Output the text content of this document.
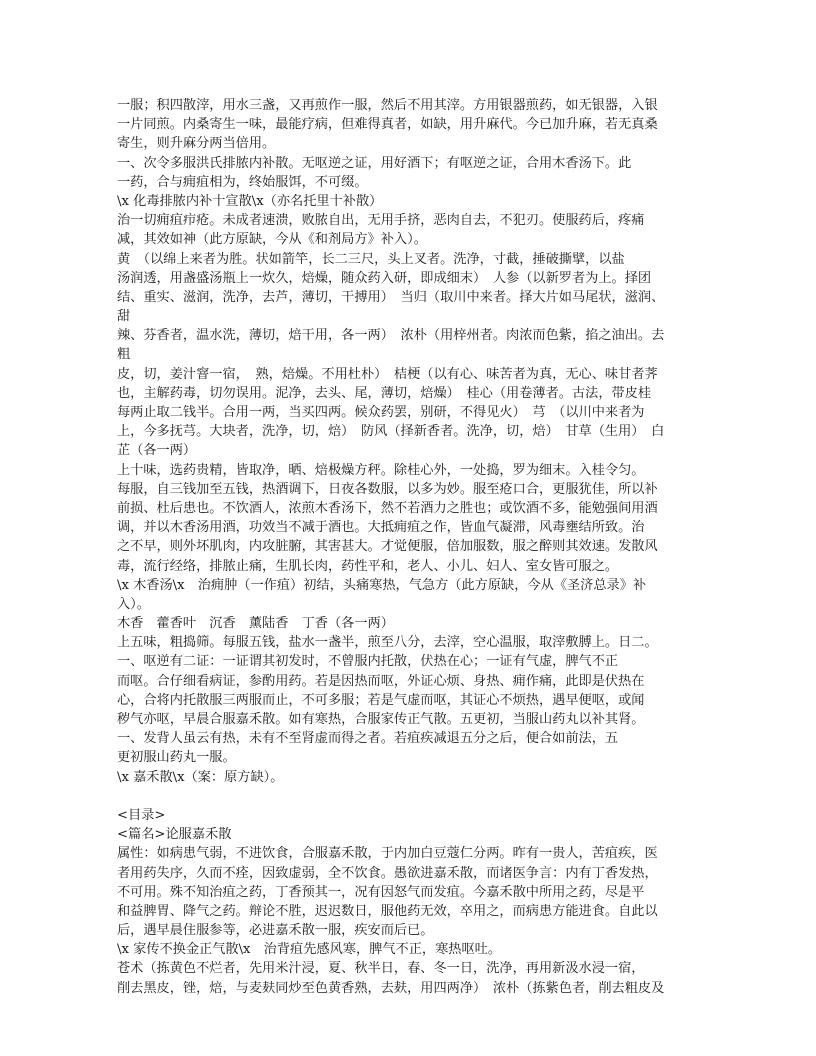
一服；积四散滓，用水三盏，又再煎作一服，然后不用其滓。方用银器煎药，如无银器，入银
一片同煎。内桑寄生一味，最能疗病，但难得真者，如缺，用升麻代。今已加升麻，若无真桑
寄生，则升麻分两当倍用。
一、次令多服洪氏排脓内补散。无呕逆之证，用好酒下；有呕逆之证，合用木香汤下。此
一药，合与痈疽相为，终始服饵，不可缀。
\x 化毒排脓内补十宣散\x（亦名托里十补散）
治一切痈疽疖疮。未成者速溃，败脓自出，无用手挤，恶肉自去，不犯刃。使服药后，疼痛
减，其效如神（此方原缺，今从《和剂局方》补入）。
黄　（以绵上来者为胜。状如箭竿，长二三尺，头上叉者。洗净，寸截，捶破撕擘，以盐
汤润透，用盏盛汤瓶上一炊久，焙燥，随众药入研，即成细末）　人参（以新罗者为上。择团
结、重实、滋润，洗净，去芦，薄切，干搏用）　当归（取川中来者。择大片如马尾状，滋润、
甜
辣、芬香者，温水洗，薄切，焙干用，各一两）　浓朴（用梓州者。肉浓而色紫，掐之油出。去
粗
皮，切，姜汁窨一宿，　熟，焙燥。不用杜朴）　桔梗（以有心、味苦者为真，无心、味甘者荠
也，主解药毒，切勿误用。泥净，去头、尾，薄切，焙燥）　桂心（用卷薄者。古法，带皮桂
每两止取二钱半。合用一两，当买四两。候众药罢，别研，不得见火）　芎　（以川中来者为
上，今多抚芎。大块者，洗净，切，焙）　防风（择新香者。洗净，切，焙）　甘草（生用）　白
芷（各一两）
上十味，选药贵精，皆取净，晒、焙极燥方秤。除桂心外，一处捣，罗为细末。入桂令匀。
每服，自三钱加至五钱，热酒调下，日夜各数服，以多为妙。服至疮口合，更服犹佳，所以补
前损、杜后患也。不饮酒人，浓煎木香汤下，然不若酒力之胜也；或饮酒不多，能勉强间用酒
调，并以木香汤用酒，功效当不减于酒也。大抵痈疽之作，皆血气凝滞，风毒壅结所致。治
之不早，则外坏肌肉，内攻脏腑，其害甚大。才觉便服，倍加服数，服之醉则其效速。发散风
毒，流行经络，排脓止痛，生肌长肉，药性平和，老人、小儿、妇人、室女皆可服之。
\x 木香汤\x　治痈肿（一作疽）初结，头痛寒热，气急方（此方原缺，今从《圣济总录》补
入）。
木香　藿香叶　沉香　薰陆香　丁香（各一两）
上五味，粗捣筛。每服五钱，盐水一盏半，煎至八分，去滓，空心温服，取滓敷膊上。日二。
一、呕逆有二证：一证谓其初发时，不曾服内托散，伏热在心；一证有气虚，脾气不正
而呕。合仔细看病证，参酌用药。若是因热而呕，外证心烦、身热、痈作痛，此即是伏热在
心，合将内托散服三两服而止，不可多服；若是气虚而呕，其证心不烦热，遇早便呕，或闻
秽气亦呕，早晨合服嘉禾散。如有寒热，合服家传正气散。五更初，当服山药丸以补其肾。
一、发背人虽云有热，未有不至肾虚而得之者。若疽疾减退五分之后，便合如前法，五
更初服山药丸一服。
\x 嘉禾散\x（案：原方缺）。
<目录>
<篇名>论服嘉禾散
属性：如病患气弱，不进饮食，合服嘉禾散，于内加白豆蔻仁分两。昨有一贵人，苦疽疾，医
者用药失序，久而不痊，因致虚弱，全不饮食。愚欲进嘉禾散，而诸医争言：内有丁香发热，
不可用。殊不知治疽之药，丁香预其一，况有因怒气而发疽。今嘉禾散中所用之药，尽是平
和益脾胃、降气之药。辩论不胜，迟迟数日，服他药无效，卒用之，而病患方能进食。自此以
后，遇早晨住服参等，必进嘉禾散一服，疾安而后已。
\x 家传不换金正气散\x　治背疽先感风寒，脾气不正，寒热呕吐。
苍术（拣黄色不烂者，先用米汁浸，夏、秋半日，春、冬一日，洗净，再用新汲水浸一宿，
削去黑皮，锉，焙，与麦麸同炒至色黄香熟，去麸，用四两净）　浓朴（拣紫色者，削去粗皮及
